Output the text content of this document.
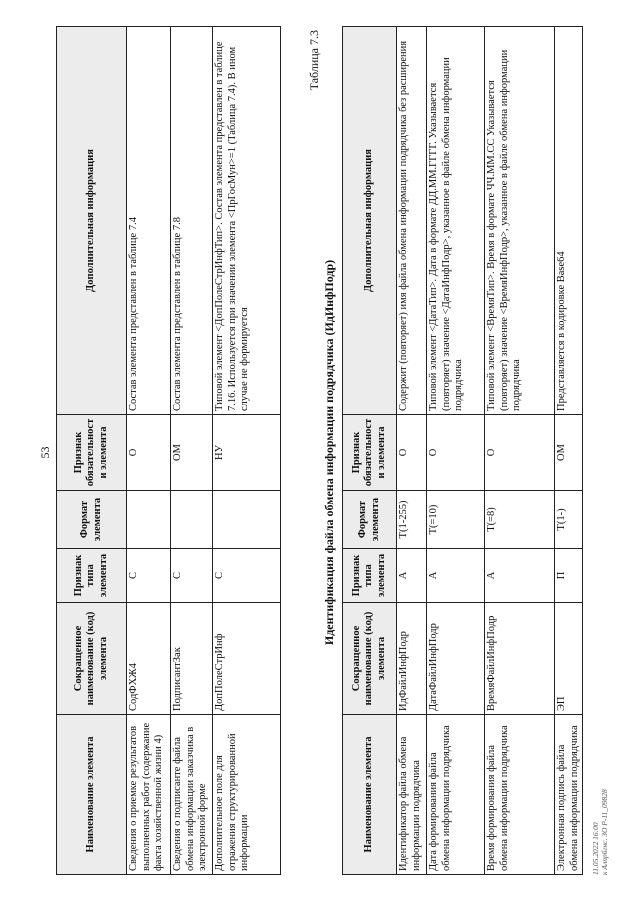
53
Наименование элемента	Сокращенное наименование (код) элемента	Признак типа элемента	Формат элемента	Признак обязательности элемента	Дополнительная информация
Сведения о приемке результатов выполненных работ (содержание факта хозяйственной жизни 4)	СодФХЖ4	С		О	Состав элемента представлен в таблице 7.4
Сведения о подписанте файла обмена информации заказчика в электронной форме	ПодписантЗак	С		ОМ	Состав элемента представлен в таблице 7.8
Дополнительное поле для отражения структурированной информации	ДопПолеСтрИнф	С		НУ	Типовой элемент <ДопПолеСтрИнфТип>. Состав элемента представлен в таблице 7.16. Используется при значении элемента <ПрГосМун>=1 (Таблица 7.4). В ином случае не формируется
Таблица 7.3
Идентификация файла обмена информации подрядчика (ИдИнфПодр)
Наименование элемента	Сокращенное наименование (код) элемента	Признак типа элемента	Формат элемента	Признак обязательности элемента	Дополнительная информация
Идентификатор файла обмена информации подрядчика	ИдФайлИнфПодр	А	Т(1-255)	О	Содержит (повторяет) имя файла обмена информации подрядчика без расширения
Дата формирования файла обмена информации подрядчика	ДатаФайлИнфПодр	А	Т(=10)	О	Типовой элемент <ДатаТип>. Дата в формате ДД.ММ.ГГГГ. Указывается (повторяет) значение <ДатаИнфПодр>, указанное в файле обмена информации подрядчика
Время формирования файла обмена информации подрядчика	ВремяФайлИнфПодр	А	Т(=8)	О	Типовой элемент <ВремяТип>. Время в формате ЧЧ.ММ.СС Указывается (повторяет) значение <ВремяИнфПодр>, указанное в файле обмена информации подрядчика
Электронная подпись файла обмена информации подрядчика	ЭП	П	Т(1-)	ОМ	Представляется в кодировке Base64
11.05.2022 16:00 к Алпрбгнс. ЗО Р-11_09828
